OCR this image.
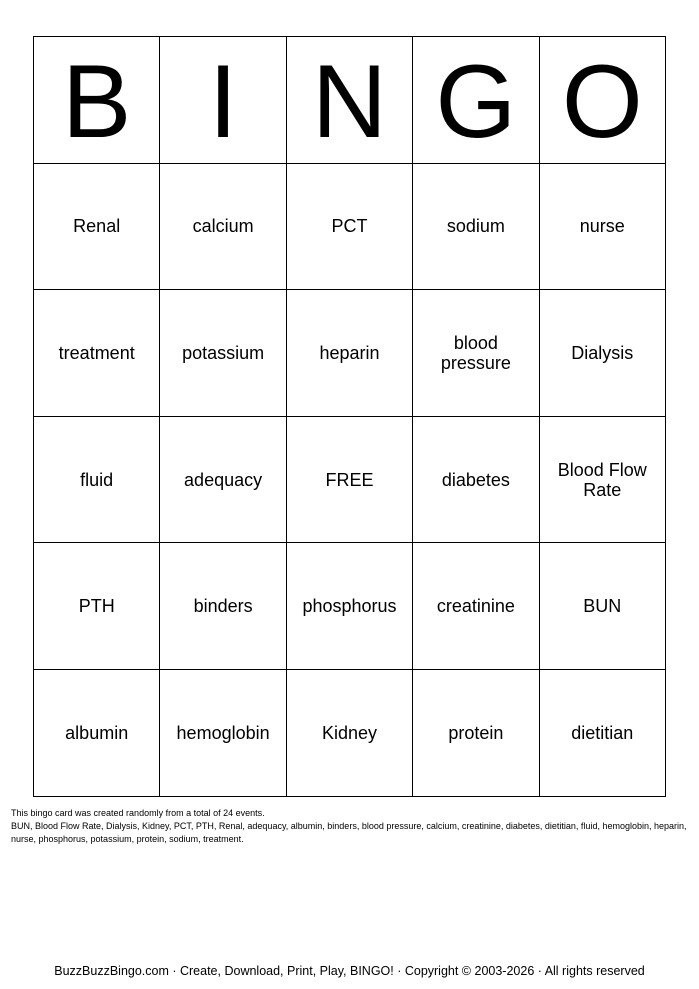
B	I	N	G	O
Renal	calcium	PCT	sodium	nurse
treatment	potassium	heparin	blood pressure	Dialysis
fluid	adequacy	FREE	diabetes	Blood Flow Rate
PTH	binders	phosphorus	creatinine	BUN
albumin	hemoglobin	Kidney	protein	dietitian

This bingo card was created randomly from a total of 24 events.

BUN, Blood Flow Rate, Dialysis, Kidney, PCT, PTH, Renal, adequacy, albumin, binders, blood pressure, calcium, creatinine, diabetes, dietitian, fluid, hemoglobin, heparin, nurse, phosphorus, potassium, protein, sodium, treatment.

BuzzBuzzBingo.com · Create, Download, Print, Play, BINGO! · Copyright © 2003-2026 · All rights reserved
